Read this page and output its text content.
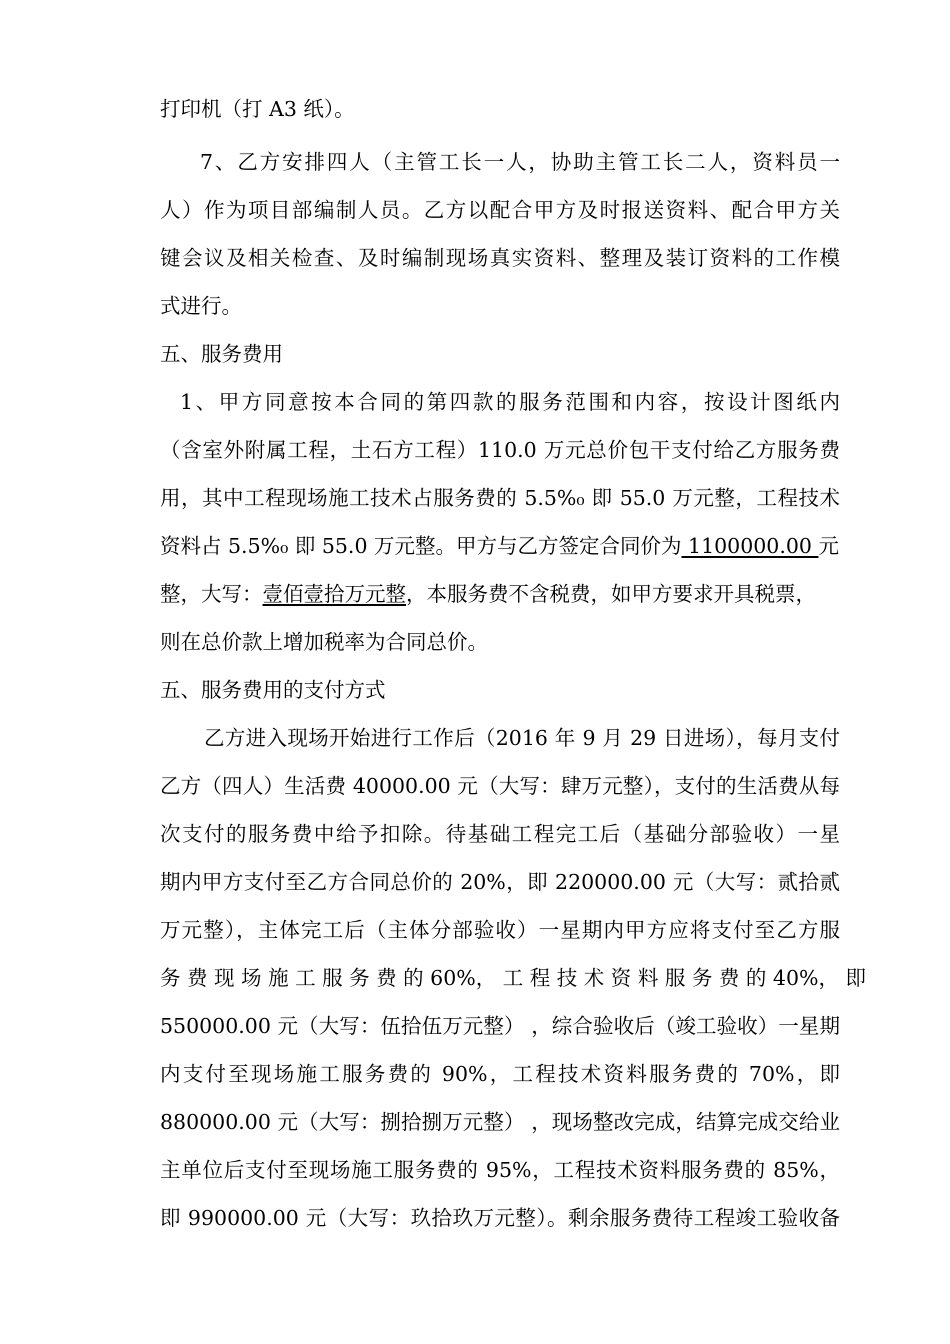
打印机（打 A3 纸）。
7、乙方安排四人（主管工长一人，协助主管工长二人，资料员一
人）作为项目部编制人员。乙方以配合甲方及时报送资料、配合甲方关
键会议及相关检查、及时编制现场真实资料、整理及装订资料的工作模
式进行。
五、服务费用
1、甲方同意按本合同的第四款的服务范围和内容，按设计图纸内
（含室外附属工程，土石方工程）110.0 万元总价包干支付给乙方服务费
用，其中工程现场施工技术占服务费的 5.5%₀ 即 55.0 万元整，工程技术
资料占 5.5%₀ 即 55.0 万元整。甲方与乙方签定合同价为 1100000.00 元
整，大写：壹佰壹拾万元整，本服务费不含税费，如甲方要求开具税票，
则在总价款上增加税率为合同总价。
五、服务费用的支付方式
乙方进入现场开始进行工作后（2016 年 9 月 29 日进场），每月支付
乙方（四人）生活费 40000.00 元（大写：肆万元整），支付的生活费从每
次支付的服务费中给予扣除。待基础工程完工后（基础分部验收）一星
期内甲方支付至乙方合同总价的 20%，即 220000.00 元（大写：贰拾贰
万元整），主体完工后（主体分部验收）一星期内甲方应将支付至乙方服
务 费 现 场 施 工 服 务 费 的 60%， 工 程 技 术 资 料 服 务 费 的 40%， 即
550000.00 元（大写：伍拾伍万元整） ，综合验收后（竣工验收）一星期
内支付至现场施工服务费的 90%，工程技术资料服务费的 70%，即
880000.00 元（大写：捌拾捌万元整） ，现场整改完成，结算完成交给业
主单位后支付至现场施工服务费的 95%，工程技术资料服务费的 85%，
即 990000.00 元（大写：玖拾玖万元整）。剩余服务费待工程竣工验收备
